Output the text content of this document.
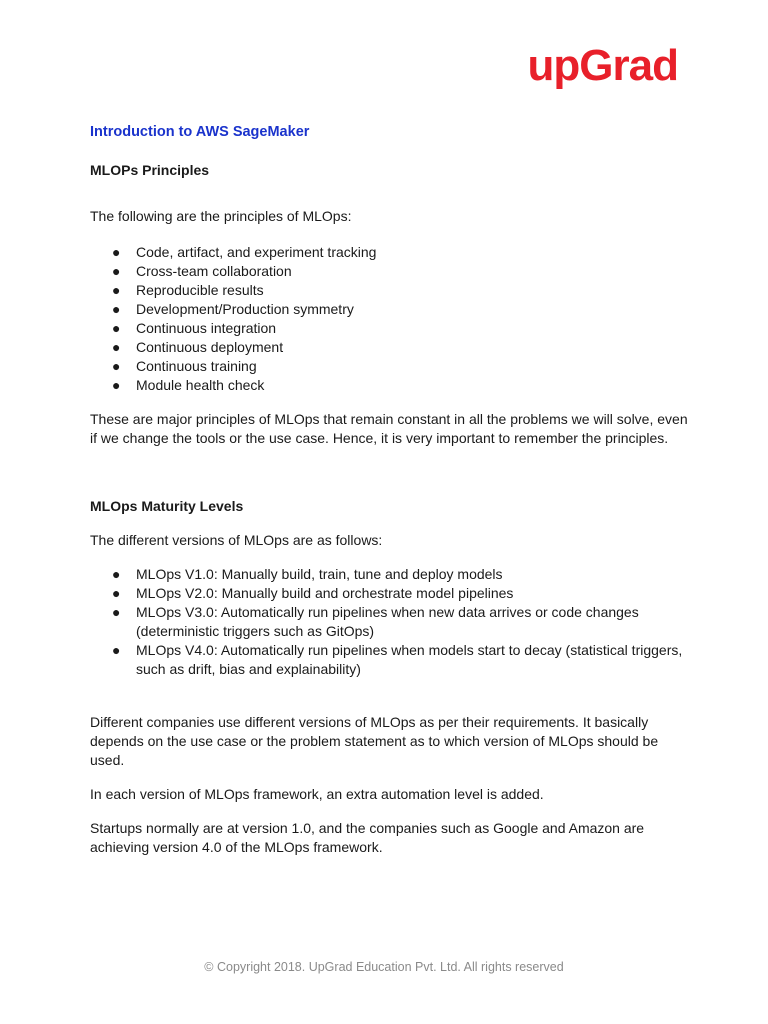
upGrad
Introduction to AWS SageMaker
MLOPs Principles

The following are the principles of MLOps:

● Code, artifact, and experiment tracking
● Cross-team collaboration
● Reproducible results
● Development/Production symmetry
● Continuous integration
● Continuous deployment
● Continuous training
● Module health check

These are major principles of MLOps that remain constant in all the problems we will solve, even if we change the tools or the use case. Hence, it is very important to remember the principles.

MLOps Maturity Levels

The different versions of MLOps are as follows:

● MLOps V1.0: Manually build, train, tune and deploy models
● MLOps V2.0: Manually build and orchestrate model pipelines
● MLOps V3.0: Automatically run pipelines when new data arrives or code changes (deterministic triggers such as GitOps)
● MLOps V4.0: Automatically run pipelines when models start to decay (statistical triggers, such as drift, bias and explainability)

Different companies use different versions of MLOps as per their requirements. It basically depends on the use case or the problem statement as to which version of MLOps should be used.

In each version of MLOps framework, an extra automation level is added.

Startups normally are at version 1.0, and the companies such as Google and Amazon are achieving version 4.0 of the MLOps framework.

© Copyright 2018. UpGrad Education Pvt. Ltd. All rights reserved
